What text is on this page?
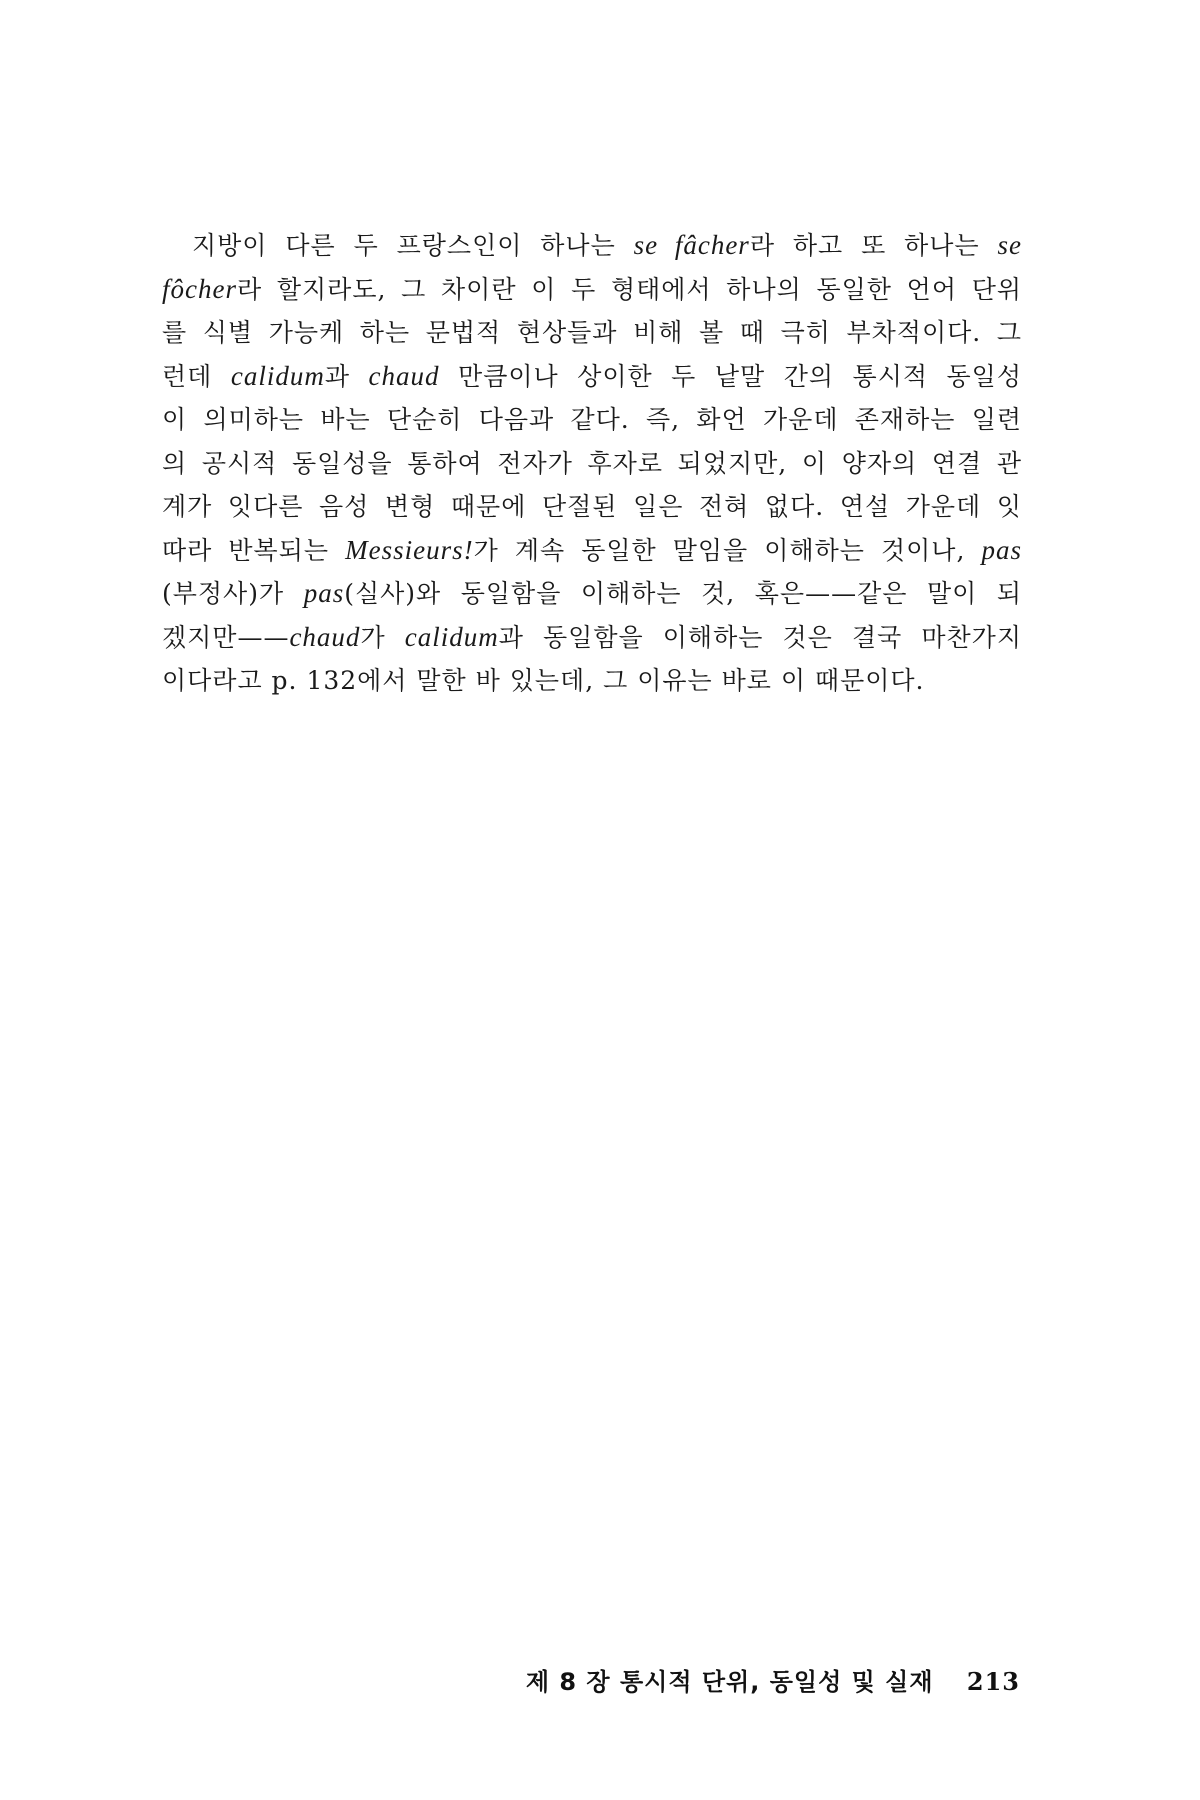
지방이 다른 두 프랑스인이 하나는 se fâcher라 하고 또 하나는 se
fôcher라 할지라도, 그 차이란 이 두 형태에서 하나의 동일한 언어 단위
를 식별 가능케 하는 문법적 현상들과 비해 볼 때 극히 부차적이다. 그
런데 calidum과 chaud 만큼이나 상이한 두 낱말 간의 통시적 동일성
이 의미하는 바는 단순히 다음과 같다. 즉, 화언 가운데 존재하는 일련
의 공시적 동일성을 통하여 전자가 후자로 되었지만, 이 양자의 연결 관
계가 잇다른 음성 변형 때문에 단절된 일은 전혀 없다. 연설 가운데 잇
따라 반복되는 Messieurs!가 계속 동일한 말임을 이해하는 것이나, pas
(부정사)가 pas(실사)와 동일함을 이해하는 것, 혹은——같은 말이 되
겠지만——chaud가 calidum과 동일함을 이해하는 것은 결국 마찬가지
이다라고 p. 132에서 말한 바 있는데, 그 이유는 바로 이 때문이다.
제 8 장 통시적 단위, 동일성 및 실재 213
